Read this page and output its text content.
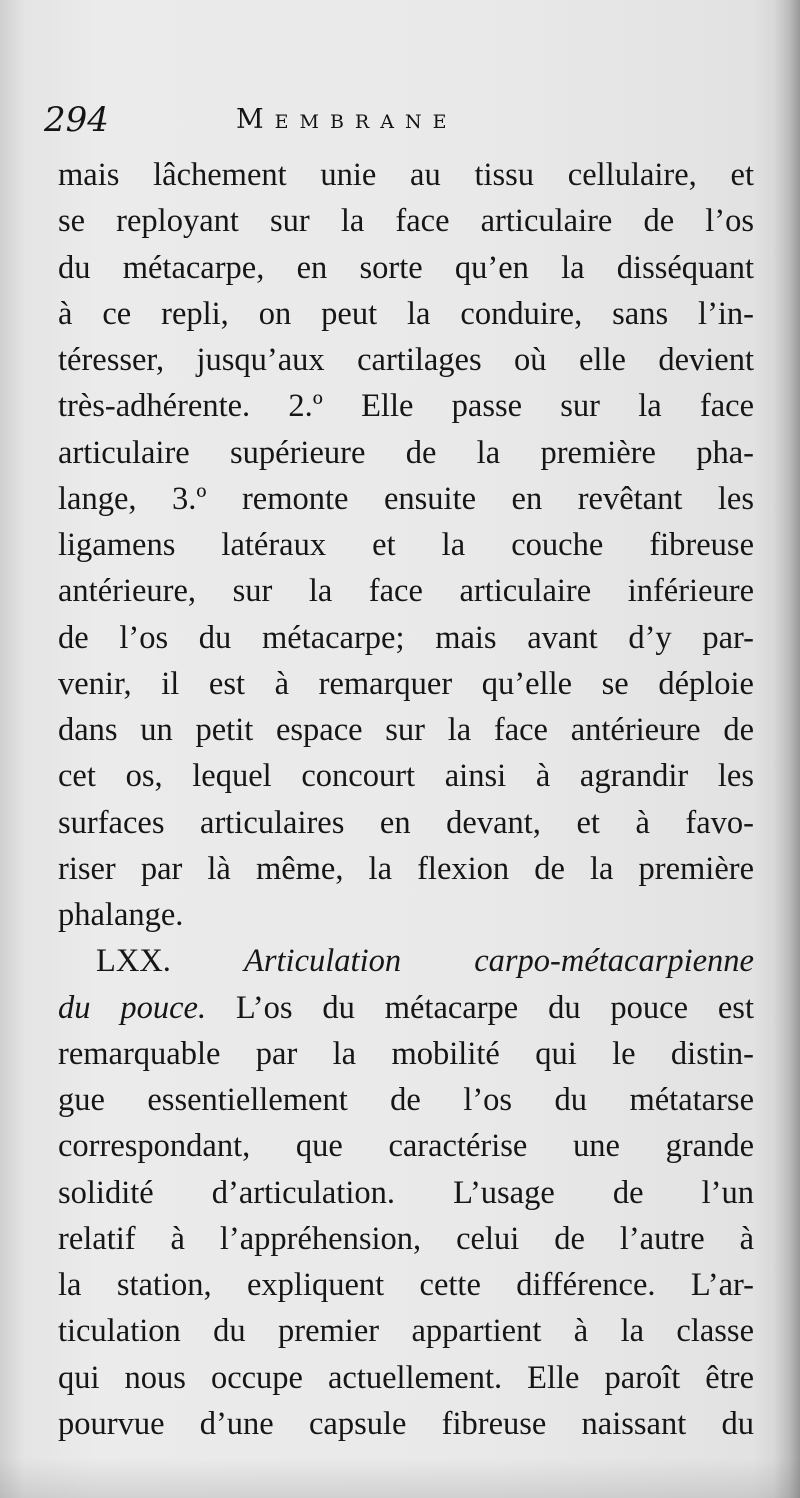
294	Membrane
mais lâchement unie au tissu cellulaire, et
se reployant sur la face articulaire de l’os
du métacarpe, en sorte qu’en la disséquant
à ce repli, on peut la conduire, sans l’in-
téresser, jusqu’aux cartilages où elle devient
très-adhérente. 2.º Elle passe sur la face
articulaire supérieure de la première pha-
lange, 3.º remonte ensuite en revêtant les
ligamens latéraux et la couche fibreuse
antérieure, sur la face articulaire inférieure
de l’os du métacarpe; mais avant d’y par-
venir, il est à remarquer qu’elle se déploie
dans un petit espace sur la face antérieure de
cet os, lequel concourt ainsi à agrandir les
surfaces articulaires en devant, et à favo-
riser par là même, la flexion de la première
phalange.
LXX. Articulation carpo-métacarpienne
du pouce. L’os du métacarpe du pouce est
remarquable par la mobilité qui le distin-
gue essentiellement de l’os du métatarse
correspondant, que caractérise une grande
solidité d’articulation. L’usage de l’un
relatif à l’appréhension, celui de l’autre à
la station, expliquent cette différence. L’ar-
ticulation du premier appartient à la classe
qui nous occupe actuellement. Elle paroît être
pourvue d’une capsule fibreuse naissant du
